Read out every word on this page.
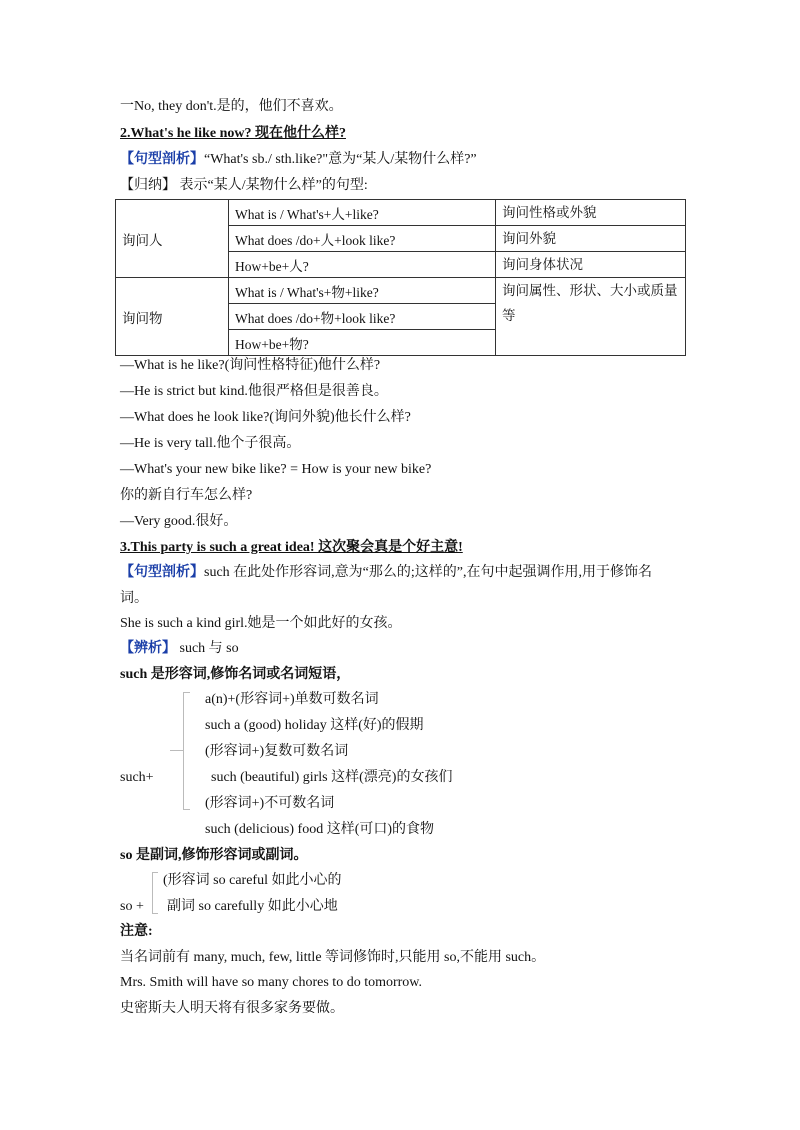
一No, they don't.是的，他们不喜欢。
2.What's he like now? 现在他什么样?
【句型剖析】“What's sb./ sth.like?"意为“某人/某物什么样?”
【归纳】 表示“某人/某物什么样”的句型:
询问人	What is / What's+人+like?	询问性格或外貌
	What does /do+人+look like?	询问外貌
	How+be+人?	询问身体状况
询问物	What is / What's+物+like?	询问属性、形状、大小或质量等
	What does /do+物+look like?	
	How+be+物?	
—What is he like?(询问性格特征)他什么样?
—He is strict but kind.他很严格但是很善良。
—What does he look like?(询问外貌)他长什么样?
—He is very tall.他个子很高。
—What's your new bike like? = How is your new bike?
你的新自行车怎么样?
—Very good.很好。
3.This party is such a great idea! 这次聚会真是个好主意!
【句型剖析】such 在此处作形容词,意为“那么的;这样的”,在句中起强调作用,用于修饰名
词。
She is such a kind girl.她是一个如此好的女孩。
【辨析】 such 与 so
such 是形容词,修饰名词或名词短语，
such+
a(n)+(形容词+)单数可数名词
such a (good) holiday 这样(好)的假期
(形容词+)复数可数名词
such (beautiful) girls 这样(漂亮)的女孩们
(形容词+)不可数名词
such (delicious) food 这样(可口)的食物
so 是副词,修饰形容词或副词。
so +
(形容词 so careful 如此小心的
副词 so carefully 如此小心地
注意:
当名词前有 many, much, few, little 等词修饰时,只能用 so,不能用 such。
Mrs. Smith will have so many chores to do tomorrow.
史密斯夫人明天将有很多家务要做。
